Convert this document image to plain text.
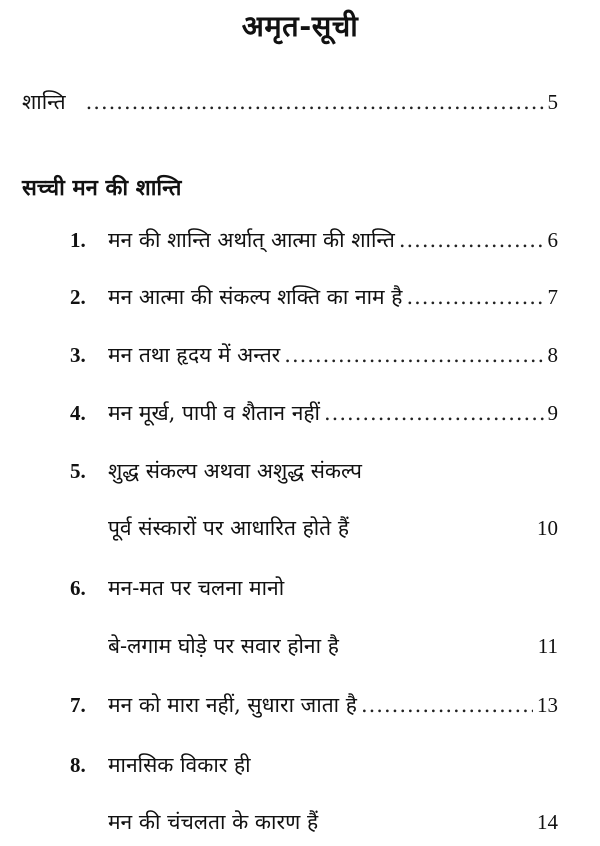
अमृत-सूची
शान्ति .....	5
सच्ची मन की शान्ति
1.	मन की शान्ति अर्थात् आत्मा की शान्ति .....	6
2.	मन आत्मा की संकल्प शक्ति का नाम है .....	7
3.	मन तथा हृदय में अन्तर .....	8
4.	मन मूर्ख, पापी व शैतान नहीं .....	9
5.	शुद्ध संकल्प अथवा अशुद्ध संकल्प
पूर्व संस्कारों पर आधारित होते हैं	10
6.	मन-मत पर चलना मानो
बे-लगाम घोड़े पर सवार होना है	11
7.	मन को मारा नहीं, सुधारा जाता है .....	13
8.	मानसिक विकार ही
मन की चंचलता के कारण हैं	14
